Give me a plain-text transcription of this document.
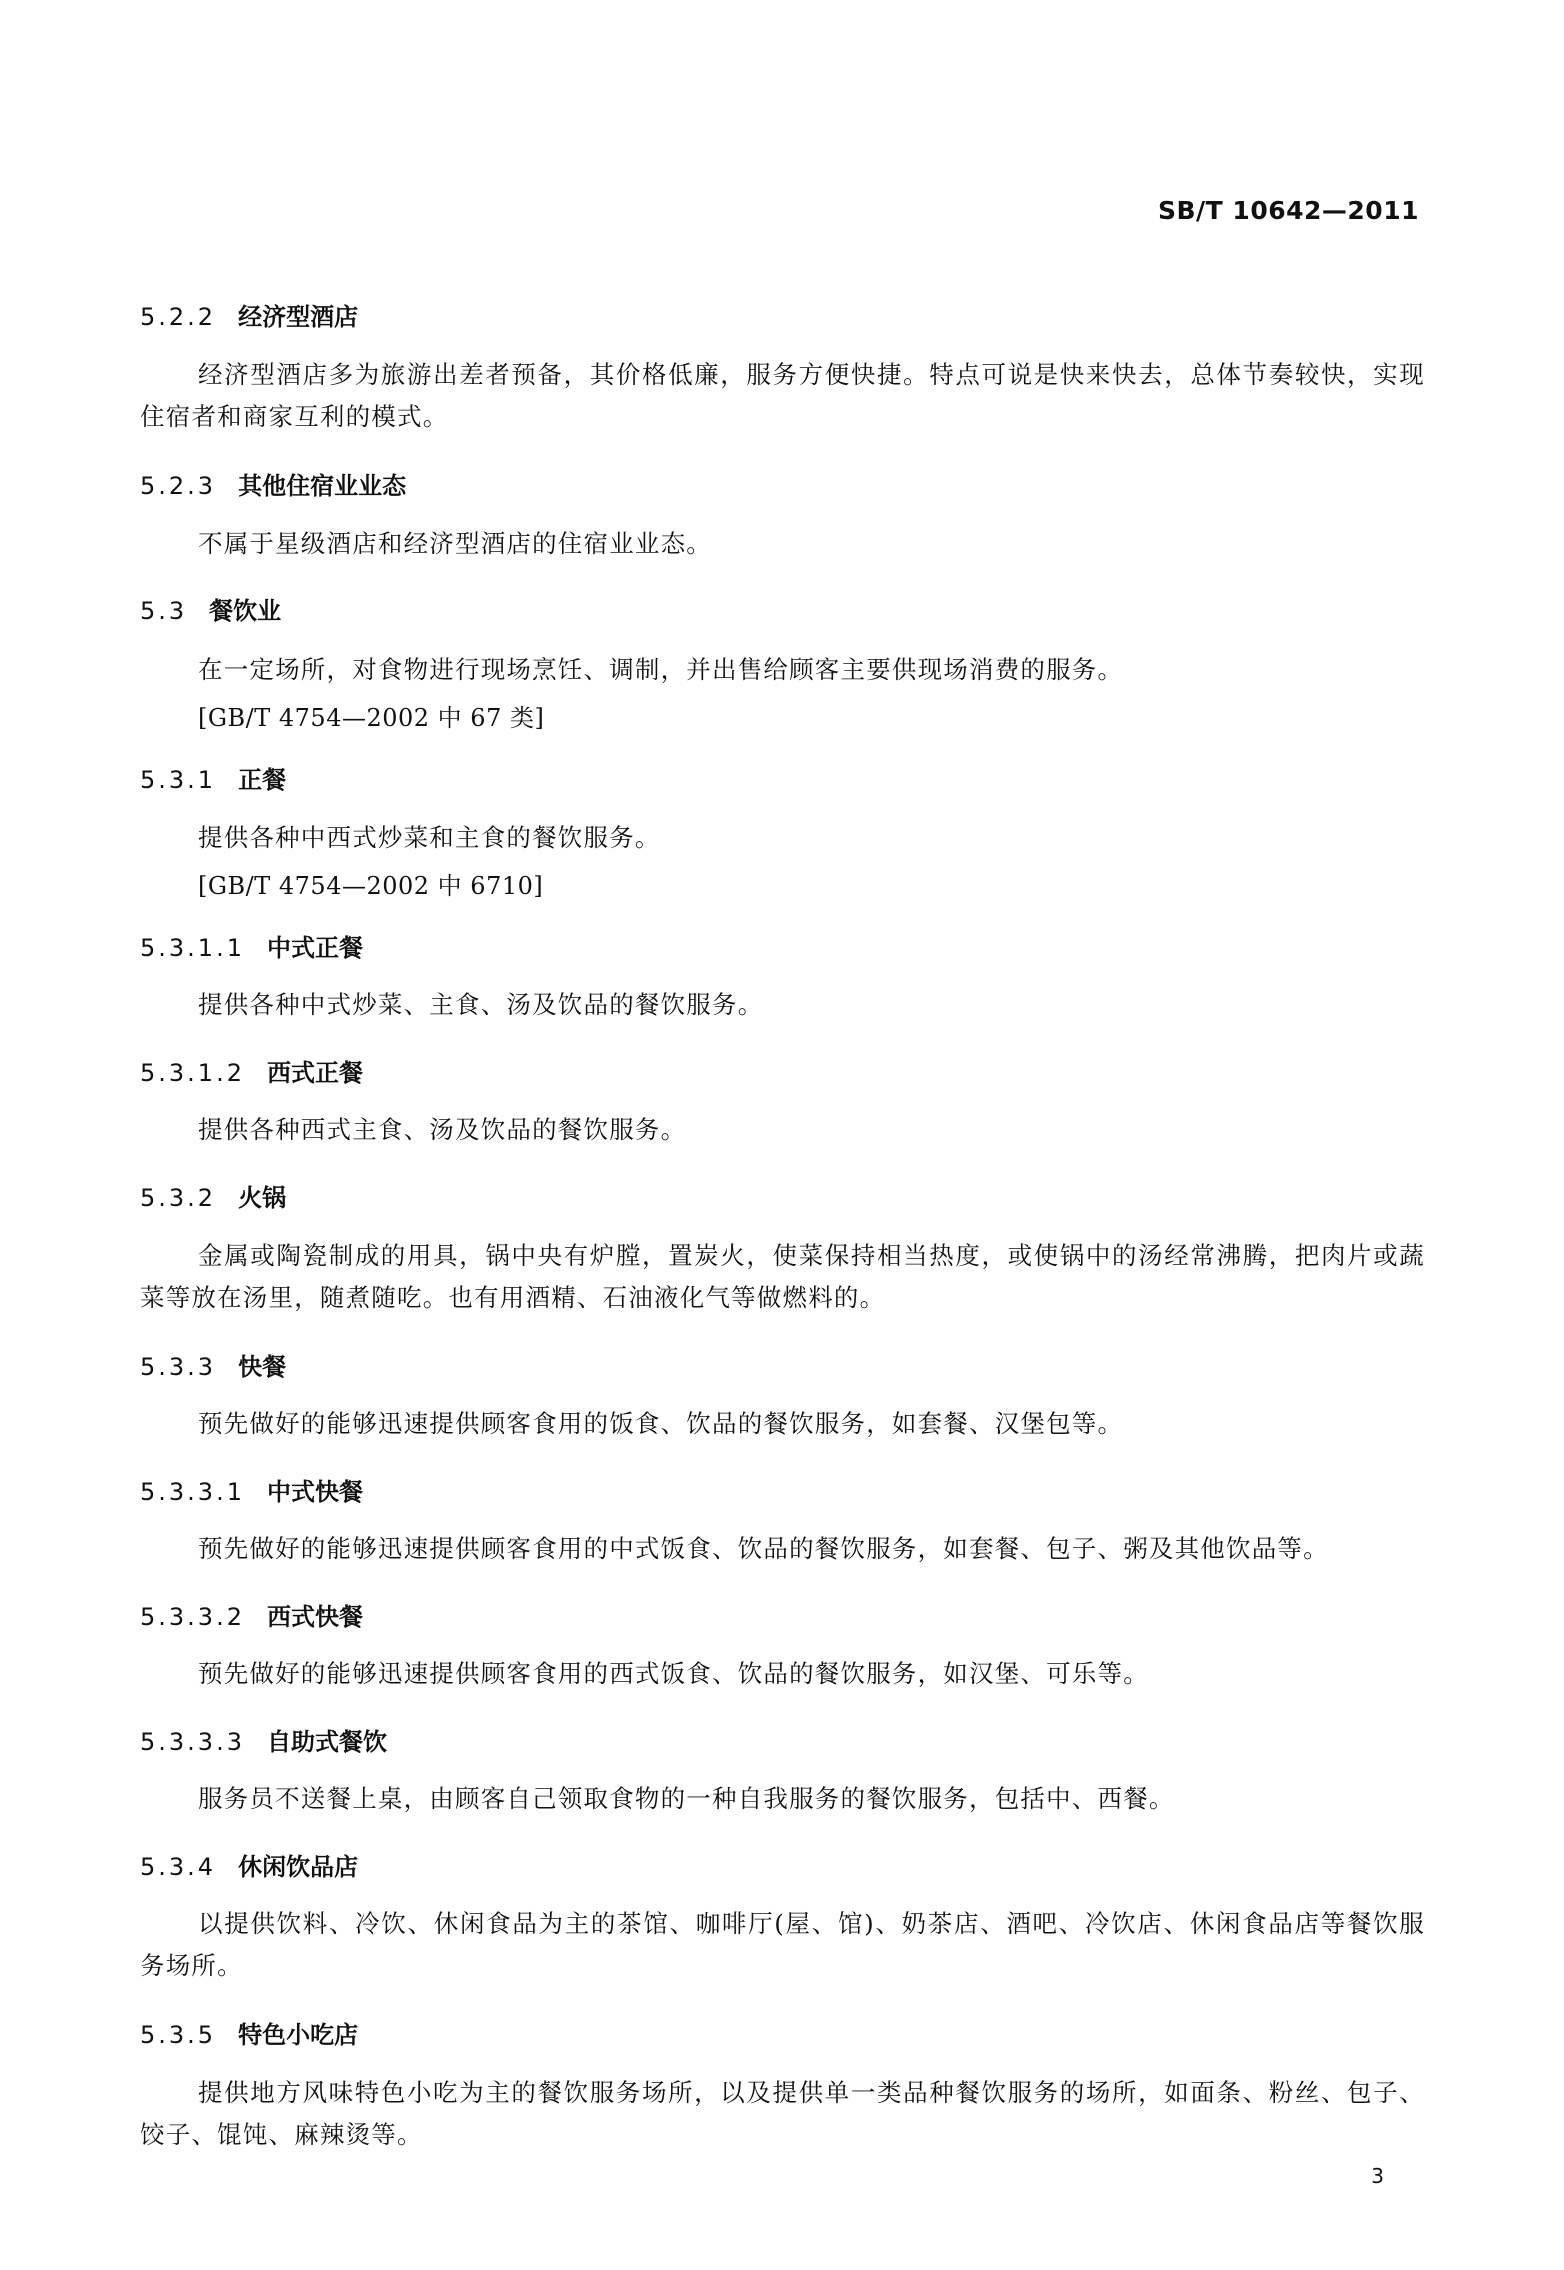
SB/T 10642—2011
5.2.2 经济型酒店
经济型酒店多为旅游出差者预备，其价格低廉，服务方便快捷。特点可说是快来快去，总体节奏较快，实现住宿者和商家互利的模式。
5.2.3 其他住宿业业态
不属于星级酒店和经济型酒店的住宿业业态。
5.3 餐饮业
在一定场所，对食物进行现场烹饪、调制，并出售给顾客主要供现场消费的服务。
[GB/T 4754—2002 中 67 类]
5.3.1 正餐
提供各种中西式炒菜和主食的餐饮服务。
[GB/T 4754—2002 中 6710]
5.3.1.1 中式正餐
提供各种中式炒菜、主食、汤及饮品的餐饮服务。
5.3.1.2 西式正餐
提供各种西式主食、汤及饮品的餐饮服务。
5.3.2 火锅
金属或陶瓷制成的用具，锅中央有炉膛，置炭火，使菜保持相当热度，或使锅中的汤经常沸腾，把肉片或蔬菜等放在汤里，随煮随吃。也有用酒精、石油液化气等做燃料的。
5.3.3 快餐
预先做好的能够迅速提供顾客食用的饭食、饮品的餐饮服务，如套餐、汉堡包等。
5.3.3.1 中式快餐
预先做好的能够迅速提供顾客食用的中式饭食、饮品的餐饮服务，如套餐、包子、粥及其他饮品等。
5.3.3.2 西式快餐
预先做好的能够迅速提供顾客食用的西式饭食、饮品的餐饮服务，如汉堡、可乐等。
5.3.3.3 自助式餐饮
服务员不送餐上桌，由顾客自己领取食物的一种自我服务的餐饮服务，包括中、西餐。
5.3.4 休闲饮品店
以提供饮料、冷饮、休闲食品为主的茶馆、咖啡厅(屋、馆)、奶茶店、酒吧、冷饮店、休闲食品店等餐饮服务场所。
5.3.5 特色小吃店
提供地方风味特色小吃为主的餐饮服务场所，以及提供单一类品种餐饮服务的场所，如面条、粉丝、包子、饺子、馄饨、麻辣烫等。
3
